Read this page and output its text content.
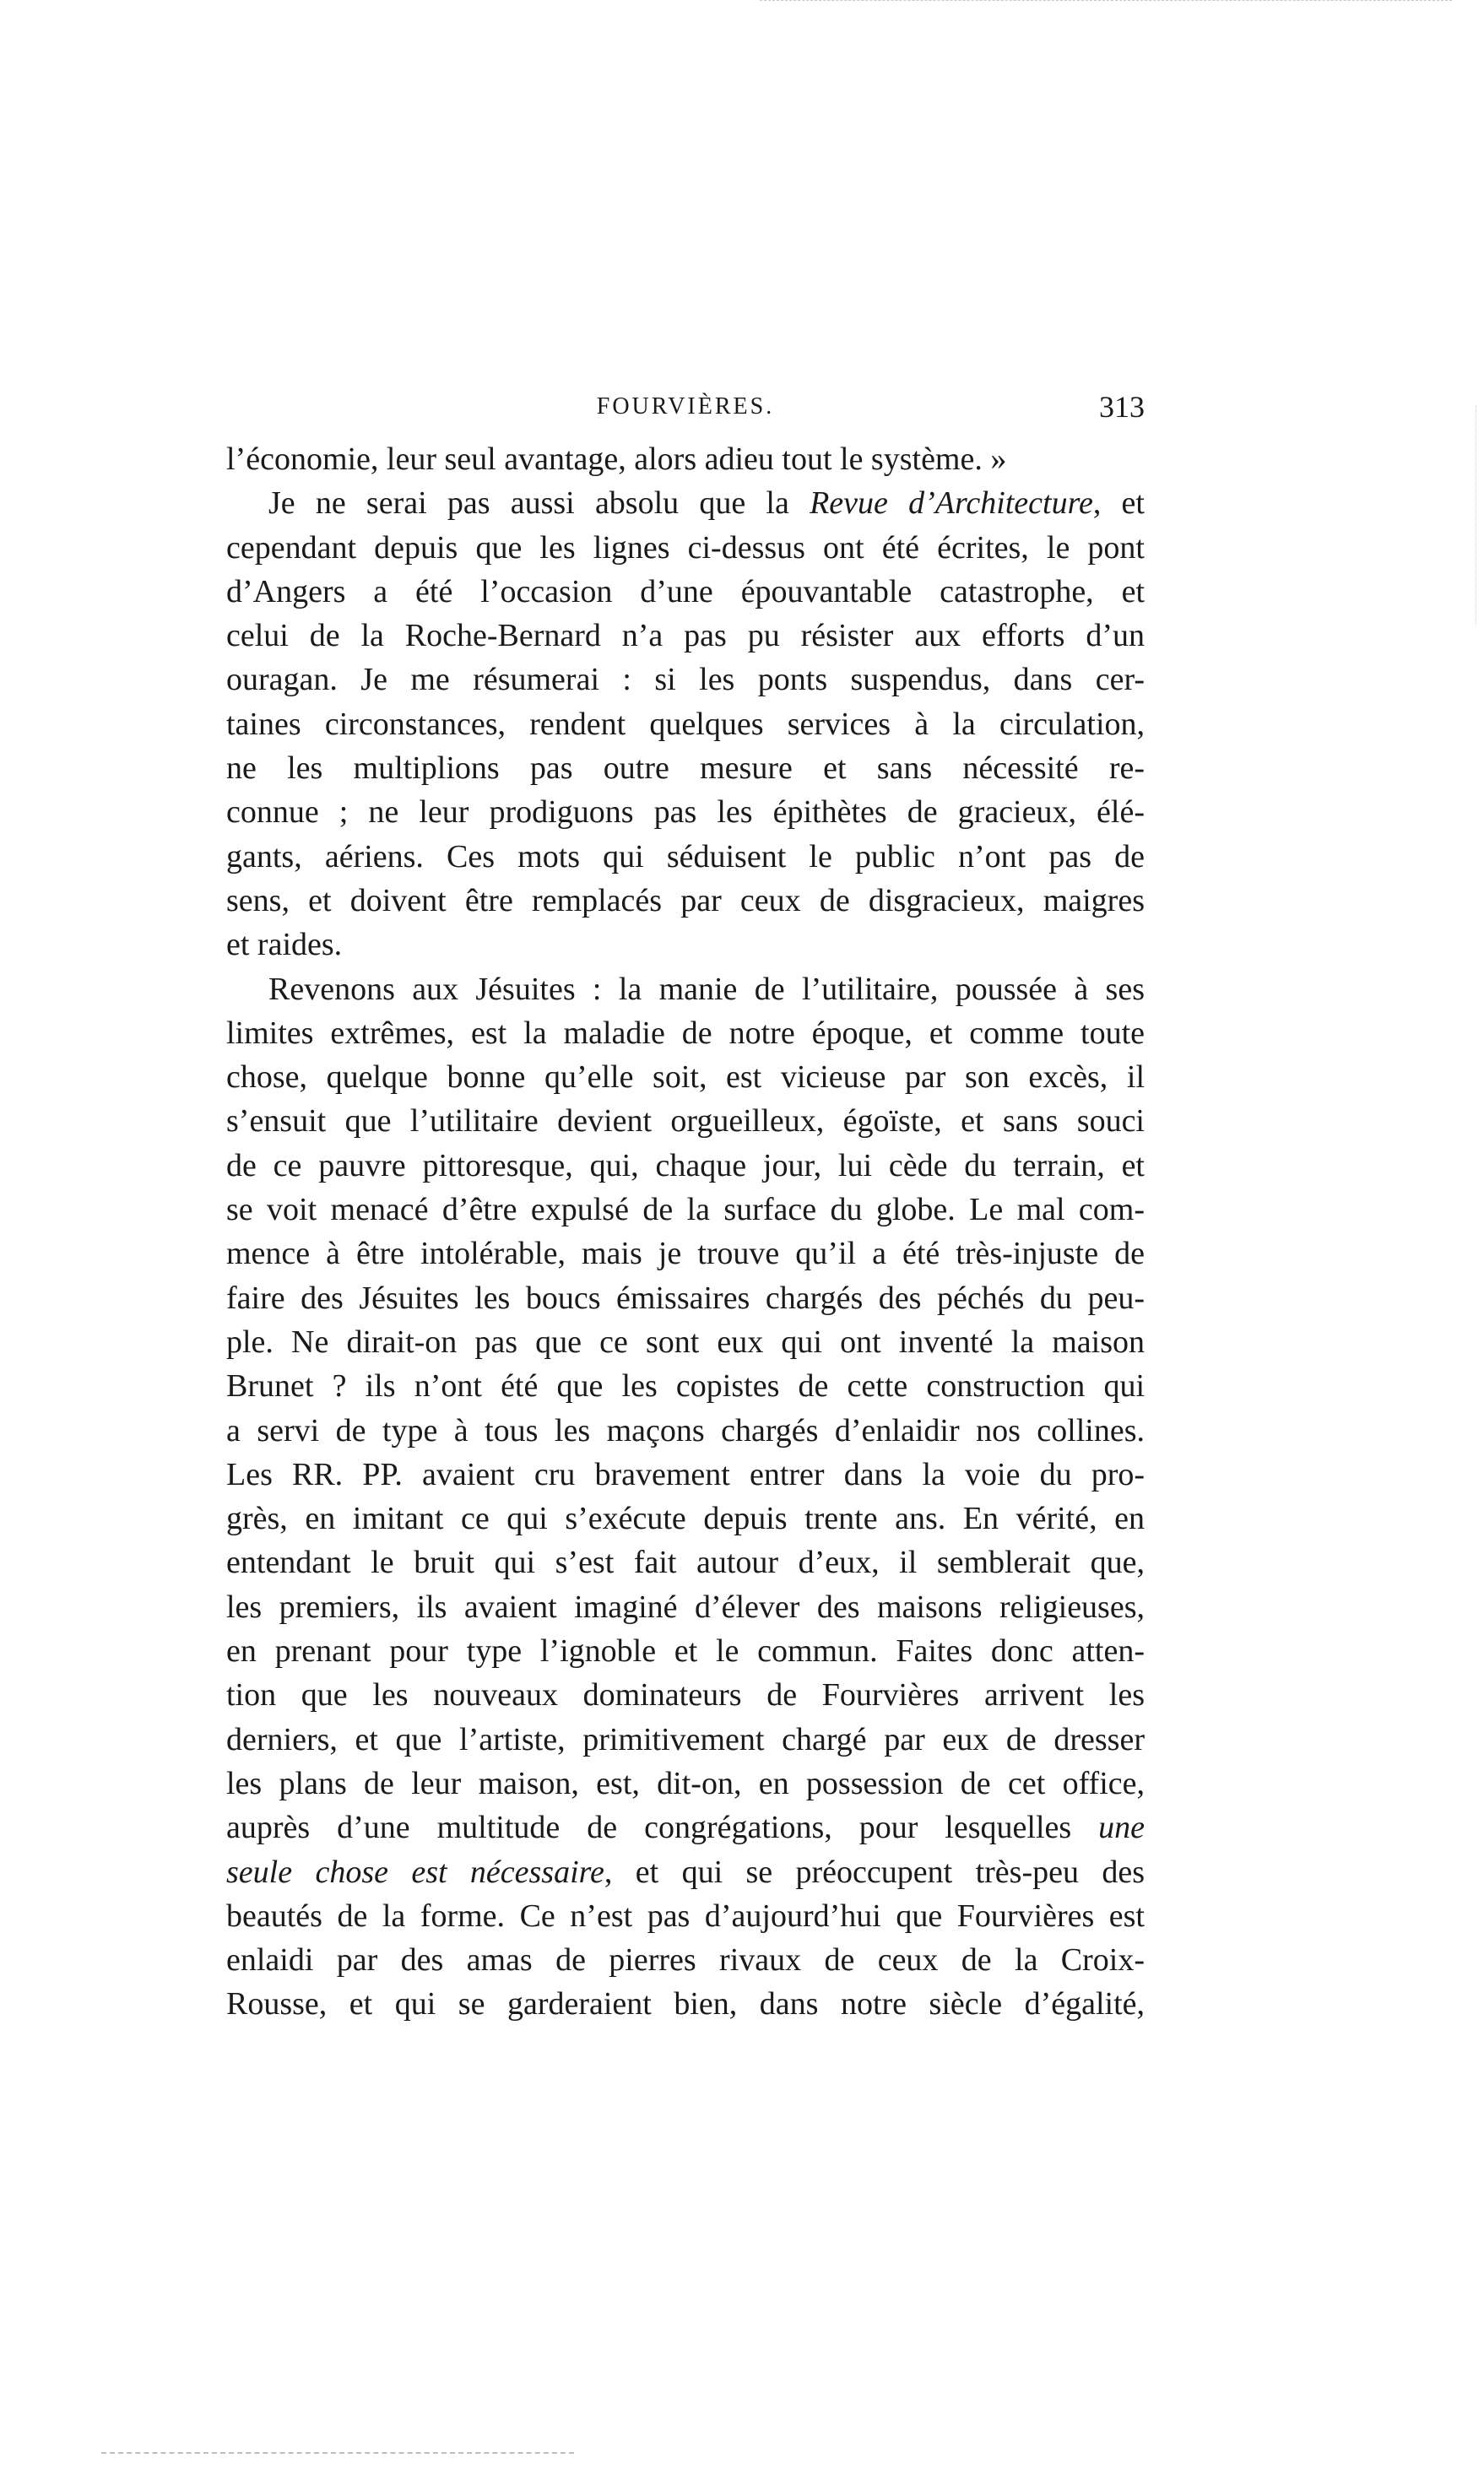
FOURVIÈRES.	313
l’économie, leur seul avantage, alors adieu tout le système. »
Je ne serai pas aussi absolu que la Revue d’Architecture, et
cependant depuis que les lignes ci-dessus ont été écrites, le pont
d’Angers a été l’occasion d’une épouvantable catastrophe, et
celui de la Roche-Bernard n’a pas pu résister aux efforts d’un
ouragan. Je me résumerai : si les ponts suspendus, dans cer-
taines circonstances, rendent quelques services à la circulation,
ne les multiplions pas outre mesure et sans nécessité re-
connue ; ne leur prodiguons pas les épithètes de gracieux, élé-
gants, aériens. Ces mots qui séduisent le public n’ont pas de
sens, et doivent être remplacés par ceux de disgracieux, maigres
et raides.
Revenons aux Jésuites : la manie de l’utilitaire, poussée à ses
limites extrêmes, est la maladie de notre époque, et comme toute
chose, quelque bonne qu’elle soit, est vicieuse par son excès, il
s’ensuit que l’utilitaire devient orgueilleux, égoïste, et sans souci
de ce pauvre pittoresque, qui, chaque jour, lui cède du terrain, et
se voit menacé d’être expulsé de la surface du globe. Le mal com-
mence à être intolérable, mais je trouve qu’il a été très-injuste de
faire des Jésuites les boucs émissaires chargés des péchés du peu-
ple. Ne dirait-on pas que ce sont eux qui ont inventé la maison
Brunet ? ils n’ont été que les copistes de cette construction qui
a servi de type à tous les maçons chargés d’enlaidir nos collines.
Les RR. PP. avaient cru bravement entrer dans la voie du pro-
grès, en imitant ce qui s’exécute depuis trente ans. En vérité, en
entendant le bruit qui s’est fait autour d’eux, il semblerait que,
les premiers, ils avaient imaginé d’élever des maisons religieuses,
en prenant pour type l’ignoble et le commun. Faites donc atten-
tion que les nouveaux dominateurs de Fourvières arrivent les
derniers, et que l’artiste, primitivement chargé par eux de dresser
les plans de leur maison, est, dit-on, en possession de cet office,
auprès d’une multitude de congrégations, pour lesquelles une
seule chose est nécessaire, et qui se préoccupent très-peu des
beautés de la forme. Ce n’est pas d’aujourd’hui que Fourvières est
enlaidi par des amas de pierres rivaux de ceux de la Croix-
Rousse, et qui se garderaient bien, dans notre siècle d’égalité,
